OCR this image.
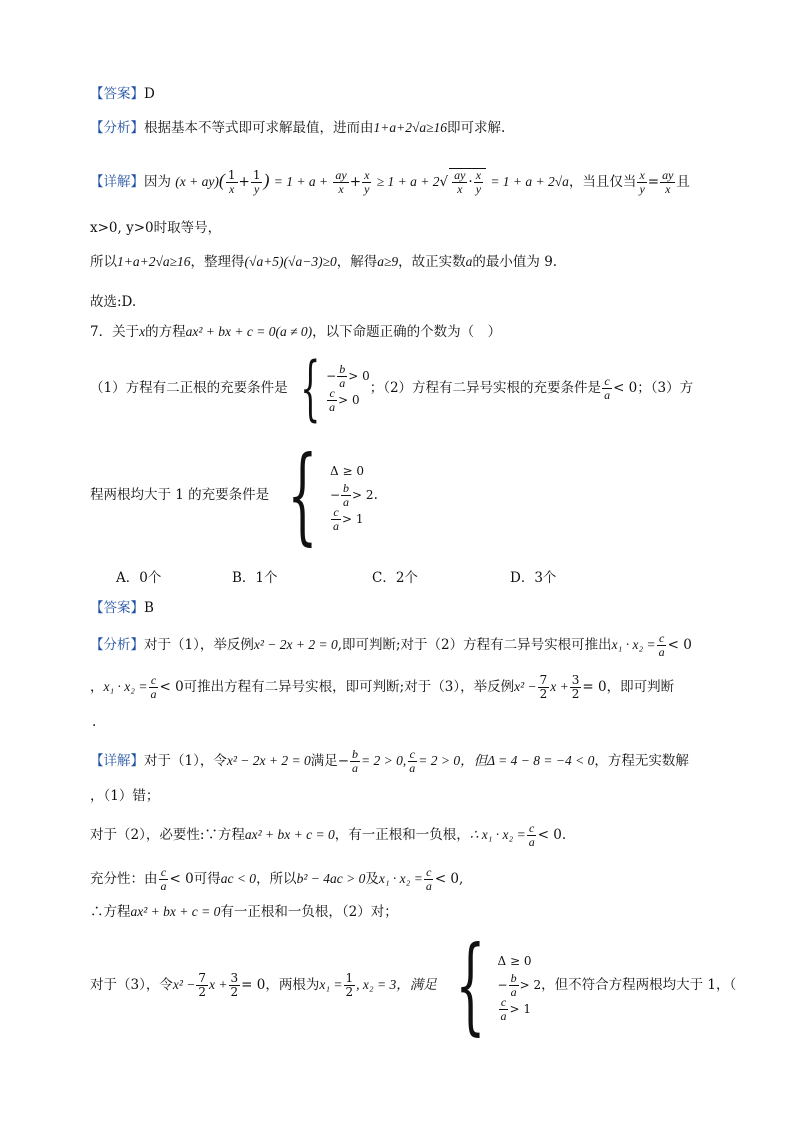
【答案】D
【分析】根据基本不等式即可求解最值，进而由1+a+2√a≥16即可求解.
【详解】因为 $(x + ay)( \frac{1}{x} + \frac{1}{y}$ ) = $1 + a + \frac{ay}{x} + \frac{x}{y} \ge 1 + a + 2√ \frac{ay}{x} \cdot \frac{x}{y} = 1 + a + 2√a$，当且仅当 $\frac{x}{y} = \frac{ay}{x}$ 且
x>0, y>0时取等号，
所以1+a+2√a≥16，整理得(√a+5)(√a−3)≥0，解得a≥9，故正实数a的最小值为 9.
故选:D.
7．关于x的方程ax² + bx + c = 0(a ≠ 0)，以下命题正确的个数为（　）
（1）方程有二正根的充要条件是 { − $\frac{b}{a} > 0$
$\frac{c}{a} > 0$
；（2）方程有二异号实根的充要条件是 $\frac{c}{a} < 0$；（3）方
程两根均大于 1 的充要条件是 { Δ ≥ 0
− $\frac{b}{a} > 2$
$\frac{c}{a} > 1$
.
A．0个	B．1个	C．2个	D．3个
【答案】B
【分析】对于（1），举反例x² − 2x + 2 = 0,即可判断;对于（2）方程有二异号实根可推出$x_1 \cdot x_2 = \frac{c}{a} < 0$
，$x_1 \cdot x_2 = \frac{c}{a} < 0$可推出方程有二异号实根，即可判断;对于（3），举反例$x^2 - \frac{7}{2}$ $x + \frac{3}{2} = 0$，即可判断
.
【详解】对于（1），令x² − 2x + 2 = 0满足− $\frac{b}{a} = 2 > 0$, $\frac{c}{a} = 2 > 0$，但Δ = 4 − 8 = −4 < 0，方程无实数解
，（1）错；
对于（2），必要性:∵方程ax² + bx + c = 0，有一正根和一负根，∴ $x_1 \cdot x_2 = \frac{c}{a} < 0$.
充分性：由 $\frac{c}{a} < 0$可得ac < 0，所以b² − 4ac > 0及$x_1 \cdot x_2 = \frac{c}{a} < 0$,
∴方程ax² + bx + c = 0有一正根和一负根，（2）对；
对于（3），令 $x^2 - \frac{7}{2}$ $x + \frac{3}{2} = 0$，两根为 $x_1 = \frac{1}{2}$ , x₂ = 3，满足 { Δ ≥ 0
− $\frac{b}{a} > 2$
$\frac{c}{a} > 1$
，但不符合方程两根均大于 1，（
